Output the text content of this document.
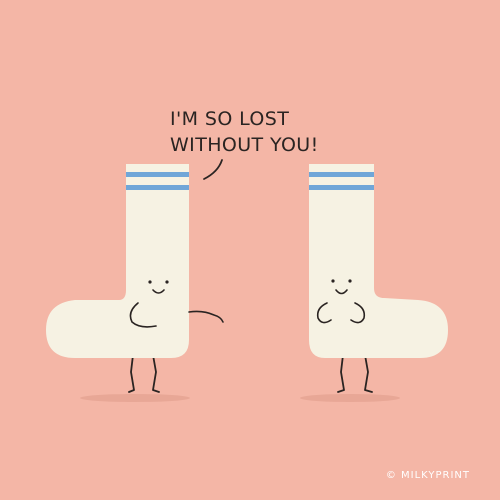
I'M SO LOST
WITHOUT YOU!
© MILKYPRINT
